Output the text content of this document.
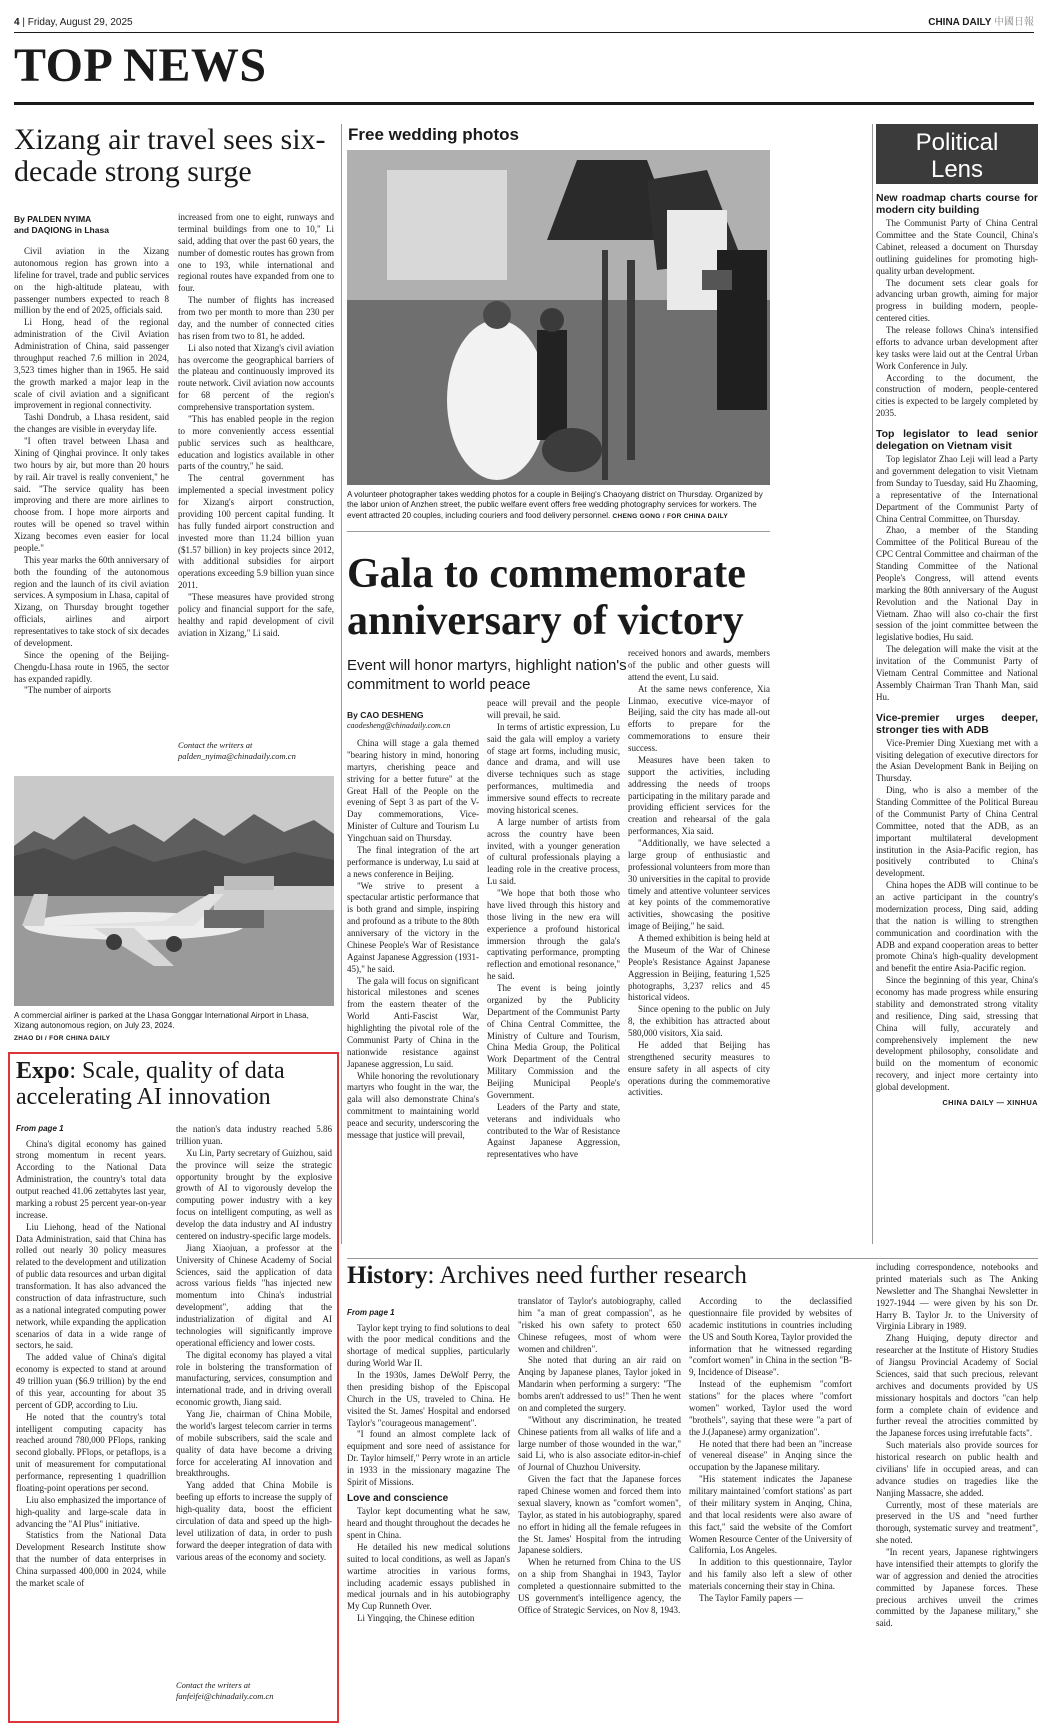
4 | Friday, August 29, 2025	CHINA DAILY 中國日報
TOP NEWS
Xizang air travel sees six-decade strong surge
By PALDEN NYIMA
and DAQIONG in Lhasa

Civil aviation in the Xizang autonomous region has grown into a lifeline for travel, trade and public services on the high-altitude plateau, with passenger numbers expected to reach 8 million by the end of 2025, officials said.

Li Hong, head of the regional administration of the Civil Aviation Administration of China, said passenger throughput reached 7.6 million in 2024, 3,523 times higher than in 1965. He said the growth marked a major leap in the scale of civil aviation and a significant improvement in regional connectivity.

Tashi Dondrub, a Lhasa resident, said the changes are visible in everyday life.

"I often travel between Lhasa and Xining of Qinghai province. It only takes two hours by air, but more than 20 hours by rail. Air travel is really convenient," he said. "The service quality has been improving and there are more airlines to choose from. I hope more airports and routes will be opened so travel within Xizang becomes even easier for local people."

This year marks the 60th anniversary of both the founding of the autonomous region and the launch of its civil aviation services. A symposium in Lhasa, capital of Xizang, on Thursday brought together officials, airlines and airport representatives to take stock of six decades of development.

Since the opening of the Beijing-Chengdu-Lhasa route in 1965, the sector has expanded rapidly.

"The number of airports

increased from one to eight, runways and terminal buildings from one to 10," Li said, adding that over the past 60 years, the number of domestic routes has grown from one to 193, while international and regional routes have expanded from one to four.

The number of flights has increased from two per month to more than 230 per day, and the number of connected cities has risen from two to 81, he added.

Li also noted that Xizang's civil aviation has overcome the geographical barriers of the plateau and continuously improved its route network. Civil aviation now accounts for 68 percent of the region's comprehensive transportation system.

"This has enabled people in the region to more conveniently access essential public services such as healthcare, education and logistics available in other parts of the country," he said.

The central government has implemented a special investment policy for Xizang's airport construction, providing 100 percent capital funding. It has fully funded airport construction and invested more than 11.24 billion yuan ($1.57 billion) in key projects since 2012, with additional subsidies for airport operations exceeding 5.9 billion yuan since 2011.

"These measures have provided strong policy and financial support for the safe, healthy and rapid development of civil aviation in Xizang," Li said.

Contact the writers at
palden_nyima@chinadaily.com.cn
A commercial airliner is parked at the Lhasa Gonggar International Airport in Lhasa, Xizang autonomous region, on July 23, 2024.
ZHAO DI / FOR CHINA DAILY
Expo: Scale, quality of data accelerating AI innovation
From page 1

China's digital economy has gained strong momentum in recent years. According to the National Data Administration, the country's total data output reached 41.06 zettabytes last year, marking a robust 25 percent year-on-year increase.

Liu Liehong, head of the National Data Administration, said that China has rolled out nearly 30 policy measures related to the development and utilization of public data resources and urban digital transformation. It has also advanced the construction of data infrastructure, such as a national integrated computing power network, while expanding the application scenarios of data in a wide range of sectors, he said.

The added value of China's digital economy is expected to stand at around 49 trillion yuan ($6.9 trillion) by the end of this year, accounting for about 35 percent of GDP, according to Liu.

He noted that the country's total intelligent computing capacity has reached around 780,000 PFlops, ranking second globally. PFlops, or petaflops, is a unit of measurement for computational performance, representing 1 quadrillion floating-point operations per second.

Liu also emphasized the importance of high-quality and large-scale data in advancing the "AI Plus" initiative.

Statistics from the National Data Development Research Institute show that the number of data enterprises in China surpassed 400,000 in 2024, while the market scale of

the nation's data industry reached 5.86 trillion yuan.

Xu Lin, Party secretary of Guizhou, said the province will seize the strategic opportunity brought by the explosive growth of AI to vigorously develop the computing power industry with a key focus on intelligent computing, as well as develop the data industry and AI industry centered on industry-specific large models.

Jiang Xiaojuan, a professor at the University of Chinese Academy of Social Sciences, said the application of data across various fields "has injected new momentum into China's industrial development", adding that the industrialization of digital and AI technologies will significantly improve operational efficiency and lower costs.

The digital economy has played a vital role in bolstering the transformation of manufacturing, services, consumption and international trade, and in driving overall economic growth, Jiang said.

Yang Jie, chairman of China Mobile, the world's largest telecom carrier in terms of mobile subscribers, said the scale and quality of data have become a driving force for accelerating AI innovation and breakthroughs.

Yang added that China Mobile is beefing up efforts to increase the supply of high-quality data, boost the efficient circulation of data and speed up the high-level utilization of data, in order to push forward the deeper integration of data with various areas of the economy and society.

Contact the writers at
fanfeifei@chinadaily.com.cn
Free wedding photos
A volunteer photographer takes wedding photos for a couple in Beijing's Chaoyang district on Thursday. Organized by the labor union of Anzhen street, the public welfare event offers free wedding photography services for workers. The event attracted 20 couples, including couriers and food delivery personnel. CHENG GONG / FOR CHINA DAILY
Gala to commemorate anniversary of victory
Event will honor martyrs, highlight nation's commitment to world peace
By CAO DESHENG
caodesheng@chinadaily.com.cn

China will stage a gala themed "bearing history in mind, honoring martyrs, cherishing peace and striving for a better future" at the Great Hall of the People on the evening of Sept 3 as part of the V-Day commemorations, Vice-Minister of Culture and Tourism Lu Yingchuan said on Thursday.

The final integration of the art performance is underway, Lu said at a news conference in Beijing.

"We strive to present a spectacular artistic performance that is both grand and simple, inspiring and profound as a tribute to the 80th anniversary of the victory in the Chinese People's War of Resistance Against Japanese Aggression (1931-45)," he said.

The gala will focus on significant historical milestones and scenes from the eastern theater of the World Anti-Fascist War, highlighting the pivotal role of the Communist Party of China in the nationwide resistance against Japanese aggression, Lu said.

While honoring the revolutionary martyrs who fought in the war, the gala will also demonstrate China's commitment to maintaining world peace and security, underscoring the message that justice will prevail,

peace will prevail and the people will prevail, he said.

In terms of artistic expression, Lu said the gala will employ a variety of stage art forms, including music, dance and drama, and will use diverse techniques such as stage performances, multimedia and immersive sound effects to recreate moving historical scenes.

A large number of artists from across the country have been invited, with a younger generation of cultural professionals playing a leading role in the creative process, Lu said.

"We hope that both those who have lived through this history and those living in the new era will experience a profound historical immersion through the gala's captivating performance, prompting reflection and emotional resonance," he said.

The event is being jointly organized by the Publicity Department of the Communist Party of China Central Committee, the Ministry of Culture and Tourism, China Media Group, the Political Work Department of the Central Military Commission and the Beijing Municipal People's Government.

Leaders of the Party and state, veterans and individuals who contributed to the War of Resistance Against Japanese Aggression, representatives who have

received honors and awards, members of the public and other guests will attend the event, Lu said.

At the same news conference, Xia Linmao, executive vice-mayor of Beijing, said the city has made all-out efforts to prepare for the commemorations to ensure their success.

Measures have been taken to support the activities, including addressing the needs of troops participating in the military parade and providing efficient services for the creation and rehearsal of the gala performances, Xia said.

"Additionally, we have selected a large group of enthusiastic and professional volunteers from more than 30 universities in the capital to provide timely and attentive volunteer services at key points of the commemorative activities, showcasing the positive image of Beijing," he said.

A themed exhibition is being held at the Museum of the War of Chinese People's Resistance Against Japanese Aggression in Beijing, featuring 1,525 photographs, 3,237 relics and 45 historical videos.

Since opening to the public on July 8, the exhibition has attracted about 580,000 visitors, Xia said.

He added that Beijing has strengthened security measures to ensure safety in all aspects of city operations during the commemorative activities.

Political
Lens
New roadmap charts course for modern city building

The Communist Party of China Central Committee and the State Council, China's Cabinet, released a document on Thursday outlining guidelines for promoting high-quality urban development.

The document sets clear goals for advancing urban growth, aiming for major progress in building modern, people-centered cities.

The release follows China's intensified efforts to advance urban development after key tasks were laid out at the Central Urban Work Conference in July.

According to the document, the construction of modern, people-centered cities is expected to be largely completed by 2035.

Top legislator to lead senior delegation on Vietnam visit

Top legislator Zhao Leji will lead a Party and government delegation to visit Vietnam from Sunday to Tuesday, said Hu Zhaoming, a representative of the International Department of the Communist Party of China Central Committee, on Thursday.

Zhao, a member of the Standing Committee of the Political Bureau of the CPC Central Committee and chairman of the Standing Committee of the National People's Congress, will attend events marking the 80th anniversary of the August Revolution and the National Day in Vietnam. Zhao will also co-chair the first session of the joint committee between the legislative bodies, Hu said.

The delegation will make the visit at the invitation of the Communist Party of Vietnam Central Committee and National Assembly Chairman Tran Thanh Man, said Hu.

Vice-premier urges deeper, stronger ties with ADB

Vice-Premier Ding Xuexiang met with a visiting delegation of executive directors for the Asian Development Bank in Beijing on Thursday.

Ding, who is also a member of the Standing Committee of the Political Bureau of the Communist Party of China Central Committee, noted that the ADB, as an important multilateral development institution in the Asia-Pacific region, has positively contributed to China's development.

China hopes the ADB will continue to be an active participant in the country's modernization process, Ding said, adding that the nation is willing to strengthen communication and coordination with the ADB and expand cooperation areas to better promote China's high-quality development and benefit the entire Asia-Pacific region.

Since the beginning of this year, China's economy has made progress while ensuring stability and demonstrated strong vitality and resilience, Ding said, stressing that China will fully, accurately and comprehensively implement the new development philosophy, consolidate and build on the momentum of economic recovery, and inject more certainty into global development.

CHINA DAILY — XINHUA
History: Archives need further research
From page 1

Taylor kept trying to find solutions to deal with the poor medical conditions and the shortage of medical supplies, particularly during World War II.

In the 1930s, James DeWolf Perry, the then presiding bishop of the Episcopal Church in the US, traveled to China. He visited the St. James' Hospital and endorsed Taylor's "courageous management".

"I found an almost complete lack of equipment and sore need of assistance for Dr. Taylor himself," Perry wrote in an article in 1933 in the missionary magazine The Spirit of Missions.

Love and conscience

Taylor kept documenting what he saw, heard and thought throughout the decades he spent in China.

He detailed his new medical solutions suited to local conditions, as well as Japan's wartime atrocities in various forms, including academic essays published in medical journals and in his autobiography My Cup Runneth Over.

Li Yingqing, the Chinese edition

translator of Taylor's autobiography, called him "a man of great compassion", as he "risked his own safety to protect 650 Chinese refugees, most of whom were women and children".

She noted that during an air raid on Anqing by Japanese planes, Taylor joked in Mandarin when performing a surgery: "The bombs aren't addressed to us!" Then he went on and completed the surgery.

"Without any discrimination, he treated Chinese patients from all walks of life and a large number of those wounded in the war," said Li, who is also associate editor-in-chief of Journal of Chuzhou University.

Given the fact that the Japanese forces raped Chinese women and forced them into sexual slavery, known as "comfort women", Taylor, as stated in his autobiography, spared no effort in hiding all the female refugees in the St. James' Hospital from the intruding Japanese soldiers.

When he returned from China to the US on a ship from Shanghai in 1943, Taylor completed a questionnaire submitted to the US government's intelligence agency, the Office of Strategic Services, on Nov 8, 1943.

According to the declassified questionnaire file provided by websites of academic institutions in countries including the US and South Korea, Taylor provided the information that he witnessed regarding "comfort women" in China in the section "B-9, Incidence of Disease".

Instead of the euphemism "comfort stations" for the places where "comfort women" worked, Taylor used the word "brothels", saying that these were "a part of the J.(Japanese) army organization".

He noted that there had been an "increase of venereal disease" in Anqing since the occupation by the Japanese military.

"His statement indicates the Japanese military maintained 'comfort stations' as part of their military system in Anqing, China, and that local residents were also aware of this fact," said the website of the Comfort Women Resource Center of the University of California, Los Angeles.

In addition to this questionnaire, Taylor and his family also left a slew of other materials concerning their stay in China.

The Taylor Family papers —

including correspondence, notebooks and printed materials such as The Anking Newsletter and The Shanghai Newsletter in 1927-1944 — were given by his son Dr. Harry B. Taylor Jr. to the University of Virginia Library in 1989.

Zhang Huiqing, deputy director and researcher at the Institute of History Studies of Jiangsu Provincial Academy of Social Sciences, said that such precious, relevant archives and documents provided by US missionary hospitals and doctors "can help form a complete chain of evidence and further reveal the atrocities committed by the Japanese forces using irrefutable facts".

Such materials also provide sources for historical research on public health and civilians' life in occupied areas, and can advance studies on tragedies like the Nanjing Massacre, she added.

Currently, most of these materials are preserved in the US and "need further thorough, systematic survey and treatment", she noted.

"In recent years, Japanese rightwingers have intensified their attempts to glorify the war of aggression and denied the atrocities committed by Japanese forces. These precious archives unveil the crimes committed by the Japanese military," she said.
